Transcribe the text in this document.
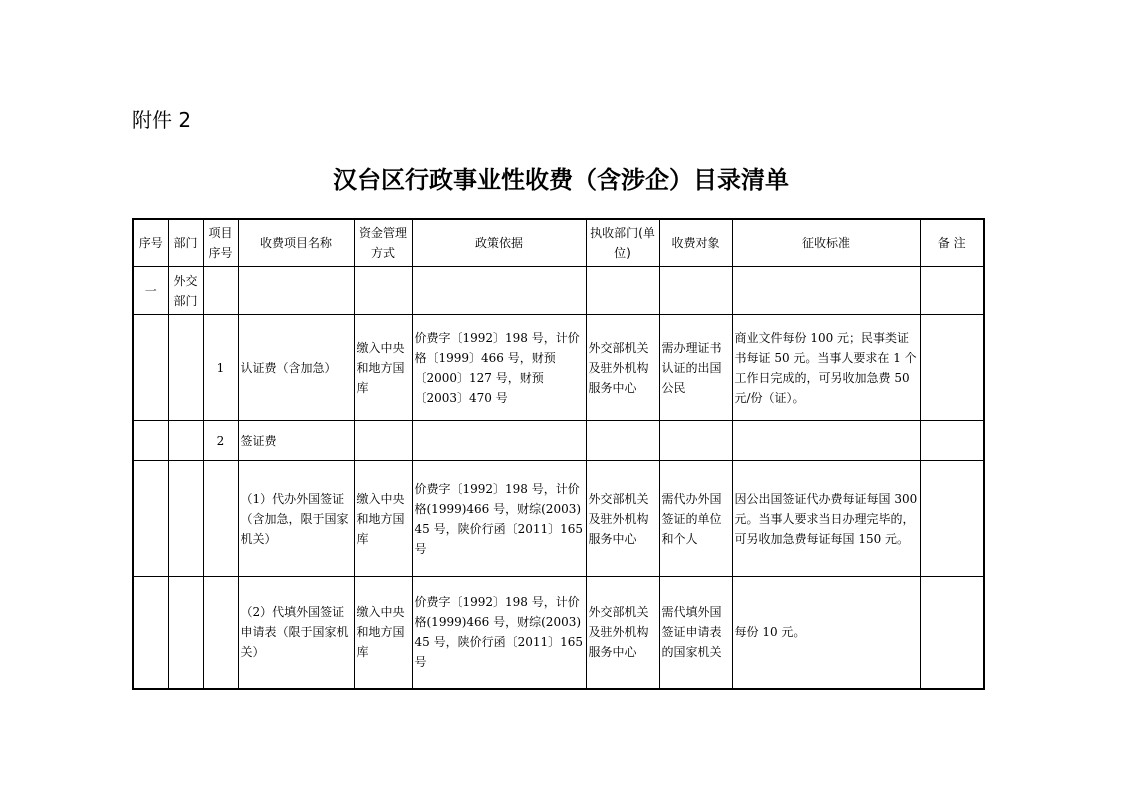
附件 2
汉台区行政事业性收费（含涉企）目录清单
序号	部门	项目序号	收费项目名称	资金管理方式	政策依据	执收部门(单位)	收费对象	征收标准	备 注
一	外交部门								
		1	认证费（含加急）	缴入中央和地方国库	价费字〔1992〕198 号，计价格〔1999〕466 号，财预〔2000〕127 号，财预〔2003〕470 号	外交部机关及驻外机构服务中心	需办理证书认证的出国公民	商业文件每份 100 元；民事类证书每证 50 元。当事人要求在 1 个工作日完成的，可另收加急费 50 元/份（证）。	
		2	签证费						
			（1）代办外国签证（含加急，限于国家机关）	缴入中央和地方国库	价费字〔1992〕198 号，计价格(1999)466 号，财综(2003) 45 号，陕价行函〔2011〕165 号	外交部机关及驻外机构服务中心	需代办外国签证的单位和个人	因公出国签证代办费每证每国 300 元。当事人要求当日办理完毕的，可另收加急费每证每国 150 元。	
			（2）代填外国签证申请表（限于国家机关）	缴入中央和地方国库	价费字〔1992〕198 号，计价格(1999)466 号，财综(2003) 45 号，陕价行函〔2011〕165 号	外交部机关及驻外机构服务中心	需代填外国签证申请表的国家机关	每份 10 元。	
